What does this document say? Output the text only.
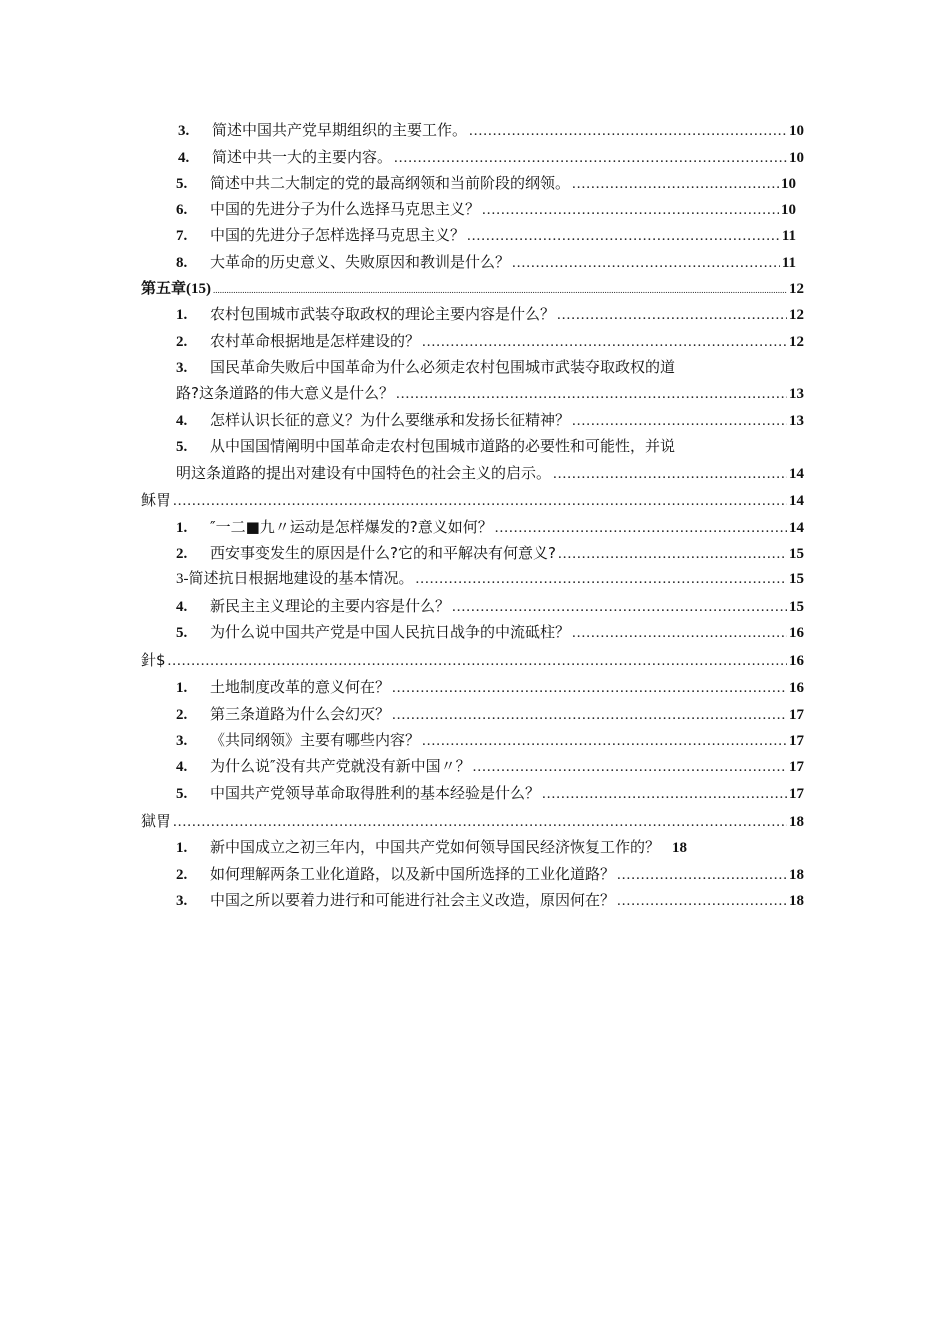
3.	简述中国共产党早期组织的主要工作。 .....	10
4.	简述中共一大的主要内容。 .....	10
5.	简述中共二大制定的党的最高纲领和当前阶段的纲领。 .....	10
6.	中国的先进分子为什么选择马克思主义？ .....	10
7.	中国的先进分子怎样选择马克思主义？ .....	11
8.	大革命的历史意义、失败原因和教训是什么？ .....	11
第五章(15) .....	12
1.	农村包围城市武装夺取政权的理论主要内容是什么？ .....	12
2.	农村革命根据地是怎样建设的？ .....	12
3.	国民革命失败后中国革命为什么必须走农村包围城市武装夺取政权的道
路?这条道路的伟大意义是什么？ .....	13
4.	怎样认识长征的意义？为什么要继承和发扬长征精神？ .....	13
5.	从中国国情阐明中国革命走农村包围城市道路的必要性和可能性，并说
明这条道路的提出对建设有中国特色的社会主义的启示。 .....	14
稣胃 .....	14
1.	″一二■九〃运动是怎样爆发的?意义如何？ .....	14
2.	西安事变发生的原因是什么?它的和平解决有何意义? .....	15
3-简述抗日根据地建设的基本情况。 .....	15
4.	新民主主义理论的主要内容是什么？ .....	15
5.	为什么说中国共产党是中国人民抗日战争的中流砥柱？ .....	16
針$ .....	16
1.	土地制度改革的意义何在？ .....	16
2.	第三条道路为什么会幻灭？ .....	17
3.	《共同纲领》主要有哪些内容？ .....	17
4.	为什么说″没有共产党就没有新中国〃？ .....	17
5.	中国共产党领导革命取得胜利的基本经验是什么？ .....	17
獄胃 .....	18
1.	新中国成立之初三年内，中国共产党如何领导国民经济恢复工作的？ 18
2.	如何理解两条工业化道路，以及新中国所选择的工业化道路？ .....	18
3.	中国之所以要着力进行和可能进行社会主义改造，原因何在？ .....	18
